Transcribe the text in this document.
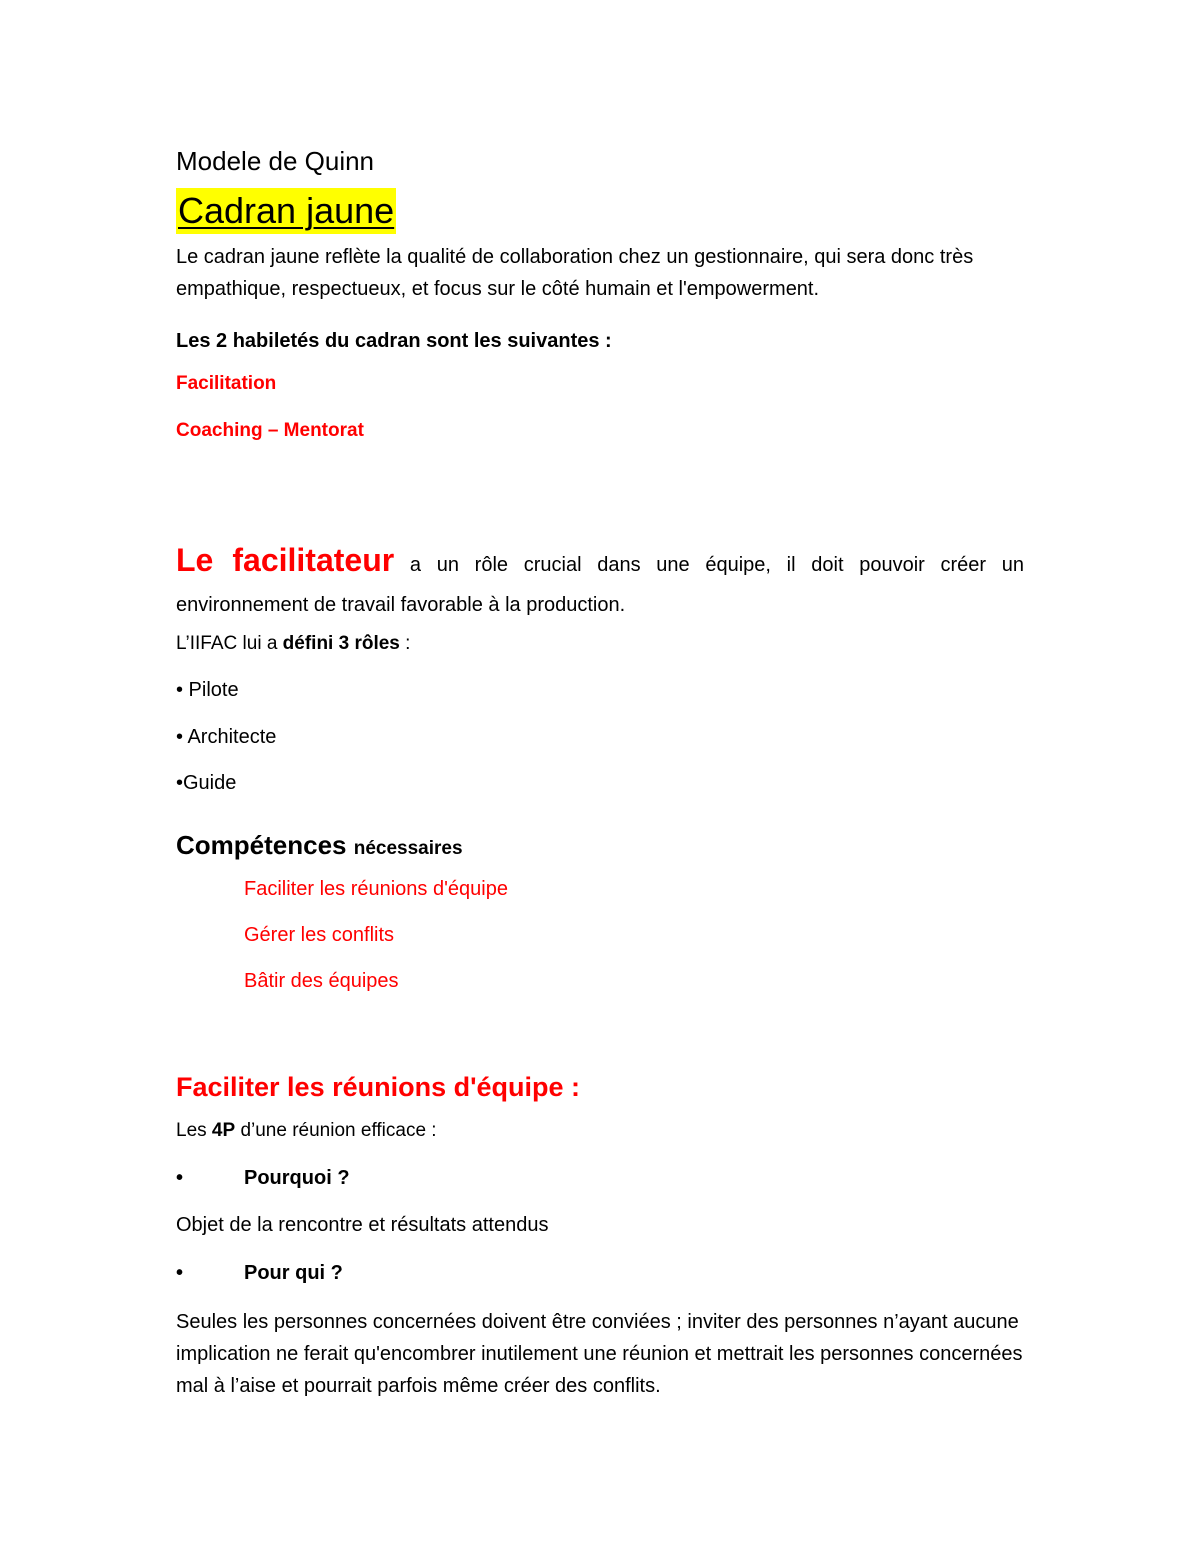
Modele de Quinn
Cadran jaune
Le cadran jaune reflète la qualité de collaboration chez un gestionnaire, qui sera donc très empathique, respectueux, et focus sur le côté humain et l'empowerment.
Les 2 habiletés du cadran sont les suivantes :
Facilitation
Coaching – Mentorat
Le facilitateur a un rôle crucial dans une équipe, il doit pouvoir créer un environnement de travail favorable à la production.
L’IIFAC lui a défini 3 rôles :
• Pilote
• Architecte
•Guide
Compétences nécessaires
Faciliter les réunions d'équipe
Gérer les conflits
Bâtir des équipes
Faciliter les réunions d'équipe :
Les 4P d’une réunion efficace :
•	Pourquoi ?
Objet de la rencontre et résultats attendus
•	Pour qui ?
Seules les personnes concernées doivent être conviées ; inviter des personnes n’ayant aucune implication ne ferait qu'encombrer inutilement une réunion et mettrait les personnes concernées mal à l’aise et pourrait parfois même créer des conflits.
